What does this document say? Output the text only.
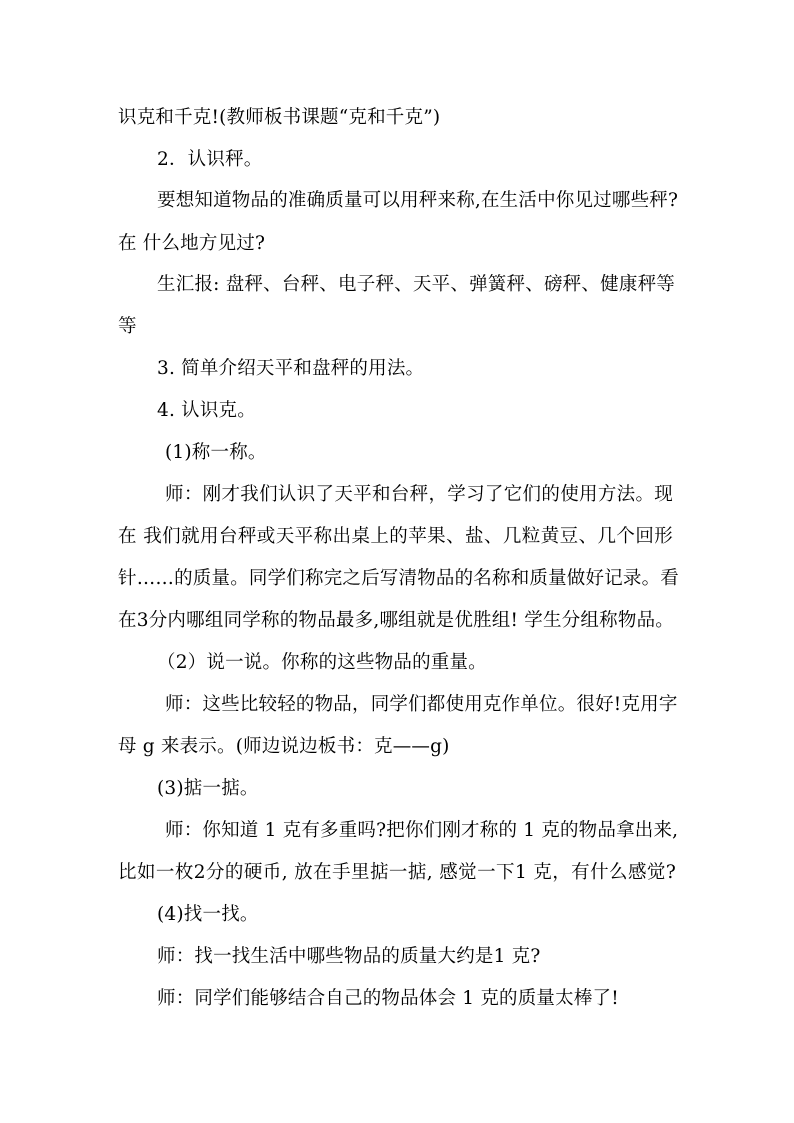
识克和千克!(教师板书课题“克和千克”)
2．认识秤。
要想知道物品的准确质量可以用秤来称,在生活中你见过哪些秤?
在 什么地方见过?
生汇报: 盘秤、台秤、电子秤、天平、弹簧秤、磅秤、健康秤等
等
3. 简单介绍天平和盘秤的用法。
4. 认识克。
(1)称一称。
师：刚才我们认识了天平和台秤，学习了它们的使用方法。现
在 我们就用台秤或天平称出桌上的苹果、盐、几粒黄豆、几个回形
针……的质量。同学们称完之后写清物品的名称和质量做好记录。看
在3分内哪组同学称的物品最多,哪组就是优胜组! 学生分组称物品。
（2）说一说。你称的这些物品的重量。
师：这些比较轻的物品，同学们都使用克作单位。很好!克用字
母 g 来表示。(师边说边板书：克——g)
(3)掂一掂。
师：你知道 1 克有多重吗?把你们刚才称的 1 克的物品拿出来,
比如一枚2分的硬币, 放在手里掂一掂, 感觉一下1 克，有什么感觉?
(4)找一找。
师：找一找生活中哪些物品的质量大约是1 克?
师：同学们能够结合自己的物品体会 1 克的质量太棒了!
